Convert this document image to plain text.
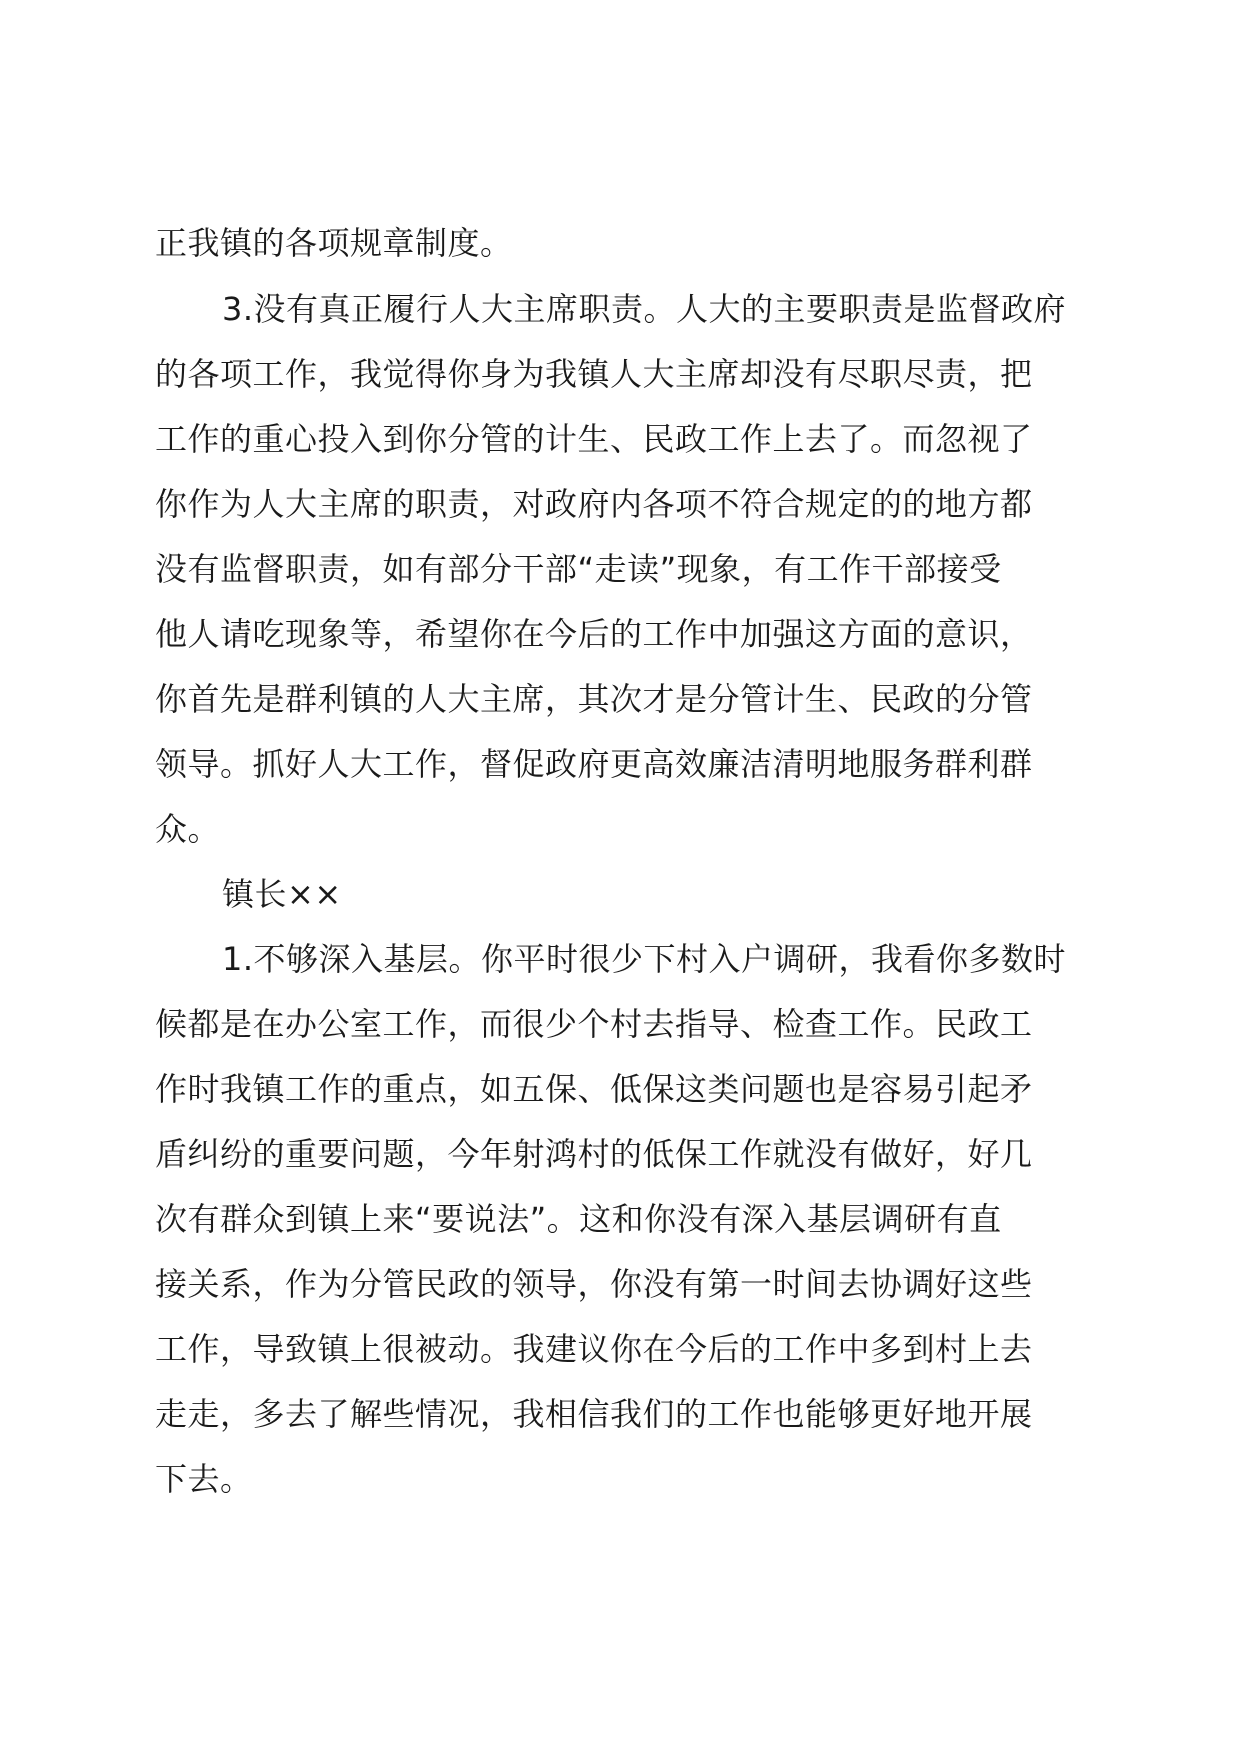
正我镇的各项规章制度。
3.没有真正履行人大主席职责。人大的主要职责是监督政府
的各项工作，我觉得你身为我镇人大主席却没有尽职尽责，把
工作的重心投入到你分管的计生、民政工作上去了。而忽视了
你作为人大主席的职责，对政府内各项不符合规定的的地方都
没有监督职责，如有部分干部“走读”现象，有工作干部接受
他人请吃现象等，希望你在今后的工作中加强这方面的意识，
你首先是群利镇的人大主席，其次才是分管计生、民政的分管
领导。抓好人大工作，督促政府更高效廉洁清明地服务群利群
众。
镇长××
1.不够深入基层。你平时很少下村入户调研，我看你多数时
候都是在办公室工作，而很少个村去指导、检查工作。民政工
作时我镇工作的重点，如五保、低保这类问题也是容易引起矛
盾纠纷的重要问题，今年射鸿村的低保工作就没有做好，好几
次有群众到镇上来“要说法”。这和你没有深入基层调研有直
接关系，作为分管民政的领导，你没有第一时间去协调好这些
工作，导致镇上很被动。我建议你在今后的工作中多到村上去
走走，多去了解些情况，我相信我们的工作也能够更好地开展
下去。
